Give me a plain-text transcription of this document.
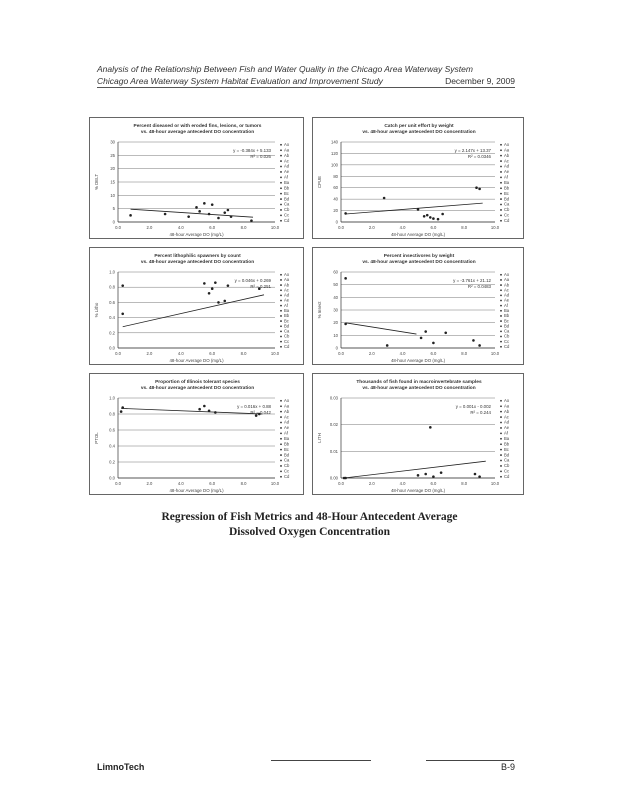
Analysis of the Relationship Between Fish and Water Quality in the Chicago Area Waterway System
Chicago Area Waterway System Habitat Evaluation and Improvement Study	December 9, 2009
Percent diseased or with eroded fins, lesions, or tumors
vs. 48-hour average antecedent DO concentration
0
5
10
15
20
25
30
0.0	2.0	4.0	6.0	8.0	10.0
48-hour Average DO (mg/L)
% DELT
y = -0.384x + 5.133
R² = 0.026
Ao
Aa
Ab
Ac
Ad
Ae
Af
Ba
Bb
Bc
Bd
Ca
Cb
Cc
Cd
Catch per unit effort by weight
vs. 48-hour average antecedent DO concentration
0
20
40
60
80
100
120
140
0.0	2.0	4.0	6.0	8.0	10.0
48-hour Average DO (mg/L)
CPUE
y = 2.147x + 13.37
R² = 0.0346
Ao
Aa
Ab
Ac
Ad
Ae
Af
Ba
Bb
Bc
Bd
Ca
Cb
Cc
Cd
Percent lithophilic spawners by count
vs. 48-hour average antecedent DO concentration
0.0
0.2
0.4
0.6
0.8
1.0
0.0	2.0	4.0	6.0	8.0	10.0
48-hour Average DO (mg/L)
% Litho
y = 0.046x + 0.269
R² = 0.251
Ao
Aa
Ab
Ac
Ad
Ae
Af
Ba
Bb
Bc
Bd
Ca
Cb
Cc
Cd
Percent insectivores by weight
vs. 48-hour average antecedent DO concentration
0
10
20
30
40
50
60
0.0	2.0	4.0	6.0	8.0	10.0
48-hour Average DO (mg/L)
% Insect
y = -3.761x + 21.12
R² = 0.0483
Ao
Aa
Ab
Ac
Ad
Ae
Af
Ba
Bb
Bc
Bd
Ca
Cb
Cc
Cd
Proportion of Illinois tolerant species
vs. 48-hour average antecedent DO concentration
0.0
0.2
0.4
0.6
0.8
1.0
0.0	2.0	4.0	6.0	8.0	10.0
48-hour Average DO (mg/L)
PTOL
y = 0.016x + 0.88
R² = 0.042
Ao
Aa
Ab
Ac
Ad
Ae
Af
Ba
Bb
Bc
Bd
Ca
Cb
Cc
Cd
Thousands of fish found in macroinvertebrate samples
vs. 48-hour average antecedent DO concentration
0.00
0.01
0.02
0.03
0.0	2.0	4.0	6.0	8.0	10.0
48-hour Average DO (mg/L)
LITH
y = 0.001x - 0.002
R² = 0.244
Ao
Aa
Ab
Ac
Ad
Ae
Af
Ba
Bb
Bc
Bd
Ca
Cb
Cc
Cd
Regression of Fish Metrics and 48-Hour Antecedent Average
Dissolved Oxygen Concentration
LimnoTech	B-9
